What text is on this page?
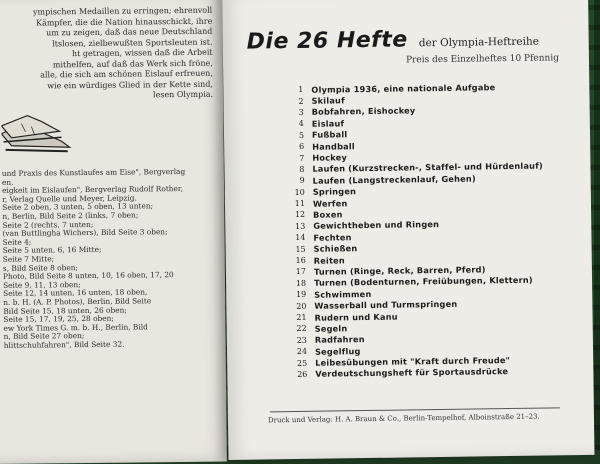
ympischen Medaillen zu erringen; ehrenvoll
Kämpfer, die die Nation hinausschickt, ihre
um zu zeigen, daß das neue Deutschland
ltslosen, zielbewußten Sportsleuten ist.
ht getragen, wissen daß die Arbeit
mithelfen, auf daß das Werk sich fröne,
alle, die sich am schönen Eislauf erfreuen,
wie ein würdiges Glied in der Kette sind,
lesen Olympia.
und Praxis des Kunstlaufes am Eise", Bergverlag
en.
eigkeit im Eislaufen", Bergverlag Rudolf Rother,
r, Verlag Quelle und Meyer, Leipzig.
Seite 2 oben, 3 unten, 5 oben, 13 unten;
n, Berlin, Bild Seite 2 (links, 7 oben;
Seite 2 (rechts, 7 unten;
(van Buttlingha Wichers), Bild Seite 3 oben;
Seite 4;
Seite 5 unten, 6, 16 Mitte;
Seite 7 Mitte;
s, Bild Seite 8 oben;
Photo, Bild Seite 8 unten, 10, 16 oben, 17, 20
Seite 9, 11, 13 oben;
Seite 12, 14 unten, 16 unten, 18 oben,
n. b. H. (A. P. Photos), Berlin, Bild Seite
Bild Seite 15, 18 unten, 26 oben;
Seite 15, 17, 19, 25, 28 oben;
ew York Times G. m. b. H., Berlin, Bild
n, Bild Seite 27 oben;
hlittschuhfahren", Bild Seite 32.
Die 26 Hefte der Olympia-Heftreihe
Preis des Einzelheftes 10 Pfennig
1 Olympia 1936, eine nationale Aufgabe
2 Skilauf
3 Bobfahren, Eishockey
4 Eislauf
5 Fußball
6 Handball
7 Hockey
8 Laufen (Kurzstrecken-, Staffel- und Hürdenlauf)
9 Laufen (Langstreckenlauf, Gehen)
10 Springen
11 Werfen
12 Boxen
13 Gewichtheben und Ringen
14 Fechten
15 Schießen
16 Reiten
17 Turnen (Ringe, Reck, Barren, Pferd)
18 Turnen (Bodenturnen, Freiübungen, Klettern)
19 Schwimmen
20 Wasserball und Turmspringen
21 Rudern und Kanu
22 Segeln
23 Radfahren
24 Segelflug
25 Leibesübungen mit "Kraft durch Freude"
26 Verdeutschungsheft für Sportausdrücke
Druck und Verlag: H. A. Braun & Co., Berlin-Tempelhof, Alboinstraße 21–23.
